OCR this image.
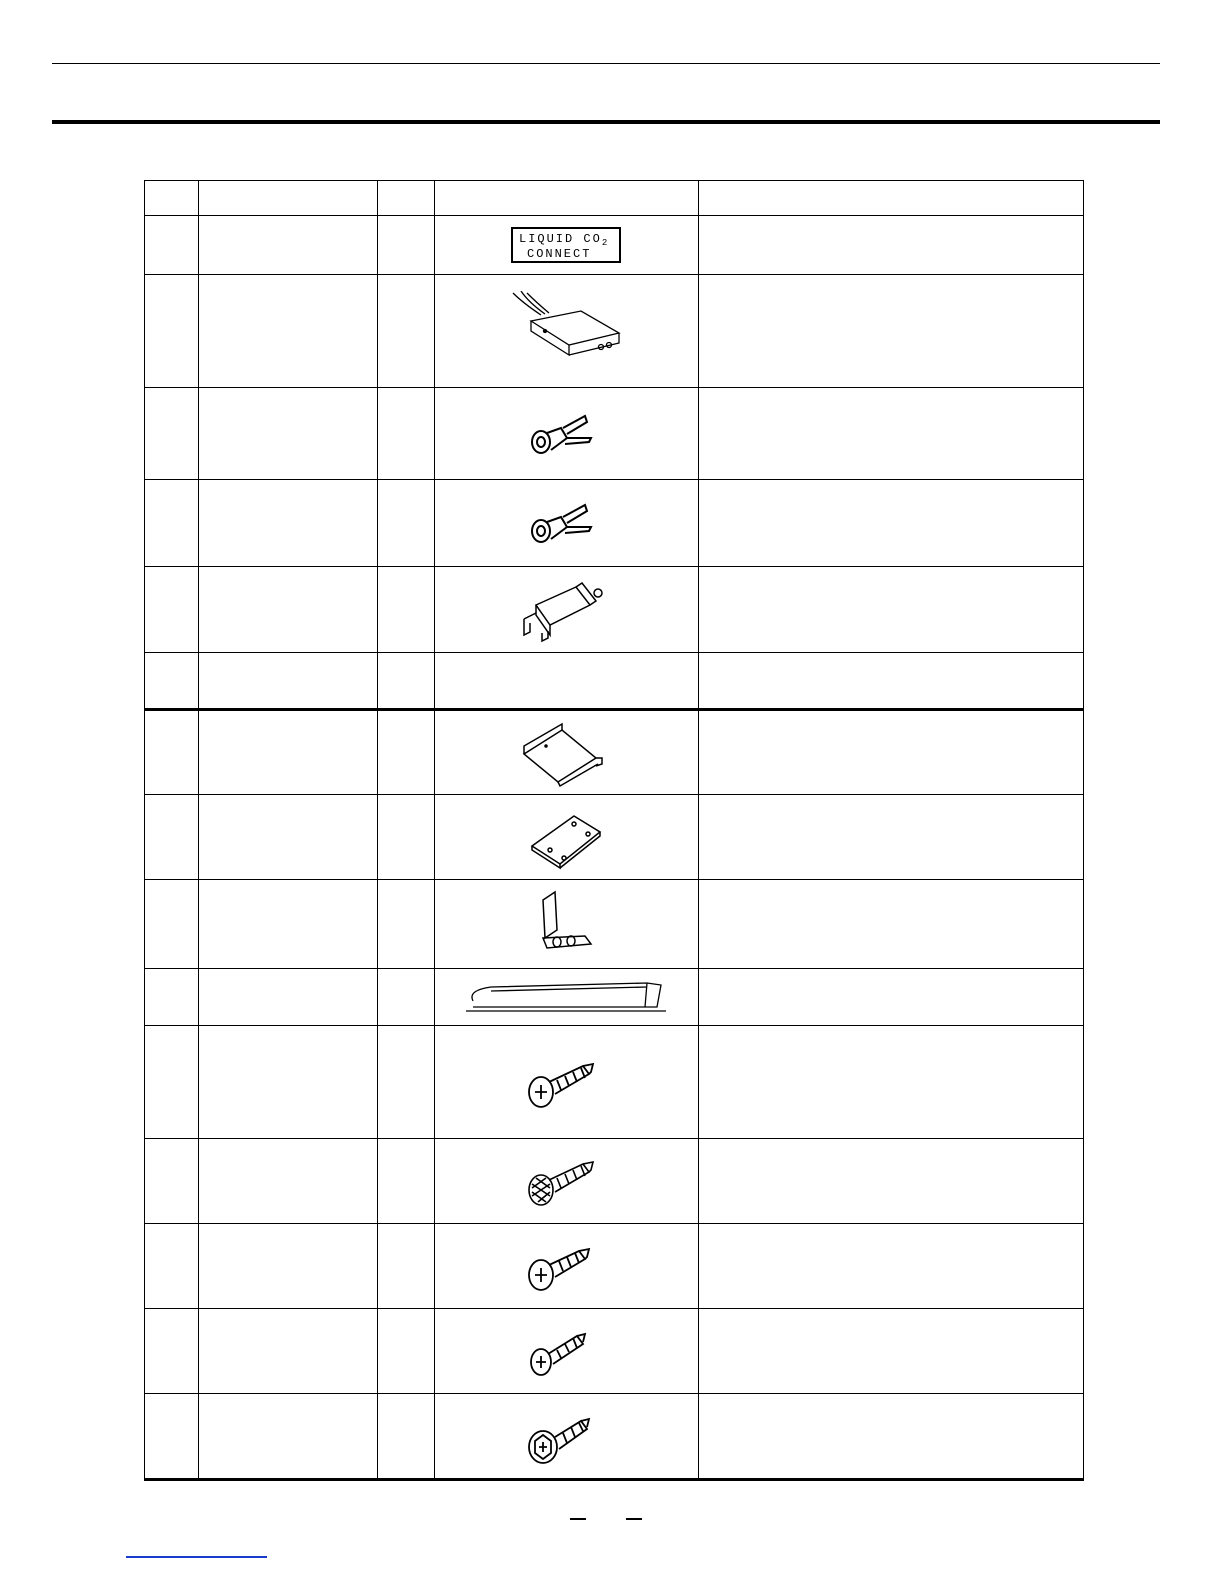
LIQUID $CO_2$
CONNECT	
